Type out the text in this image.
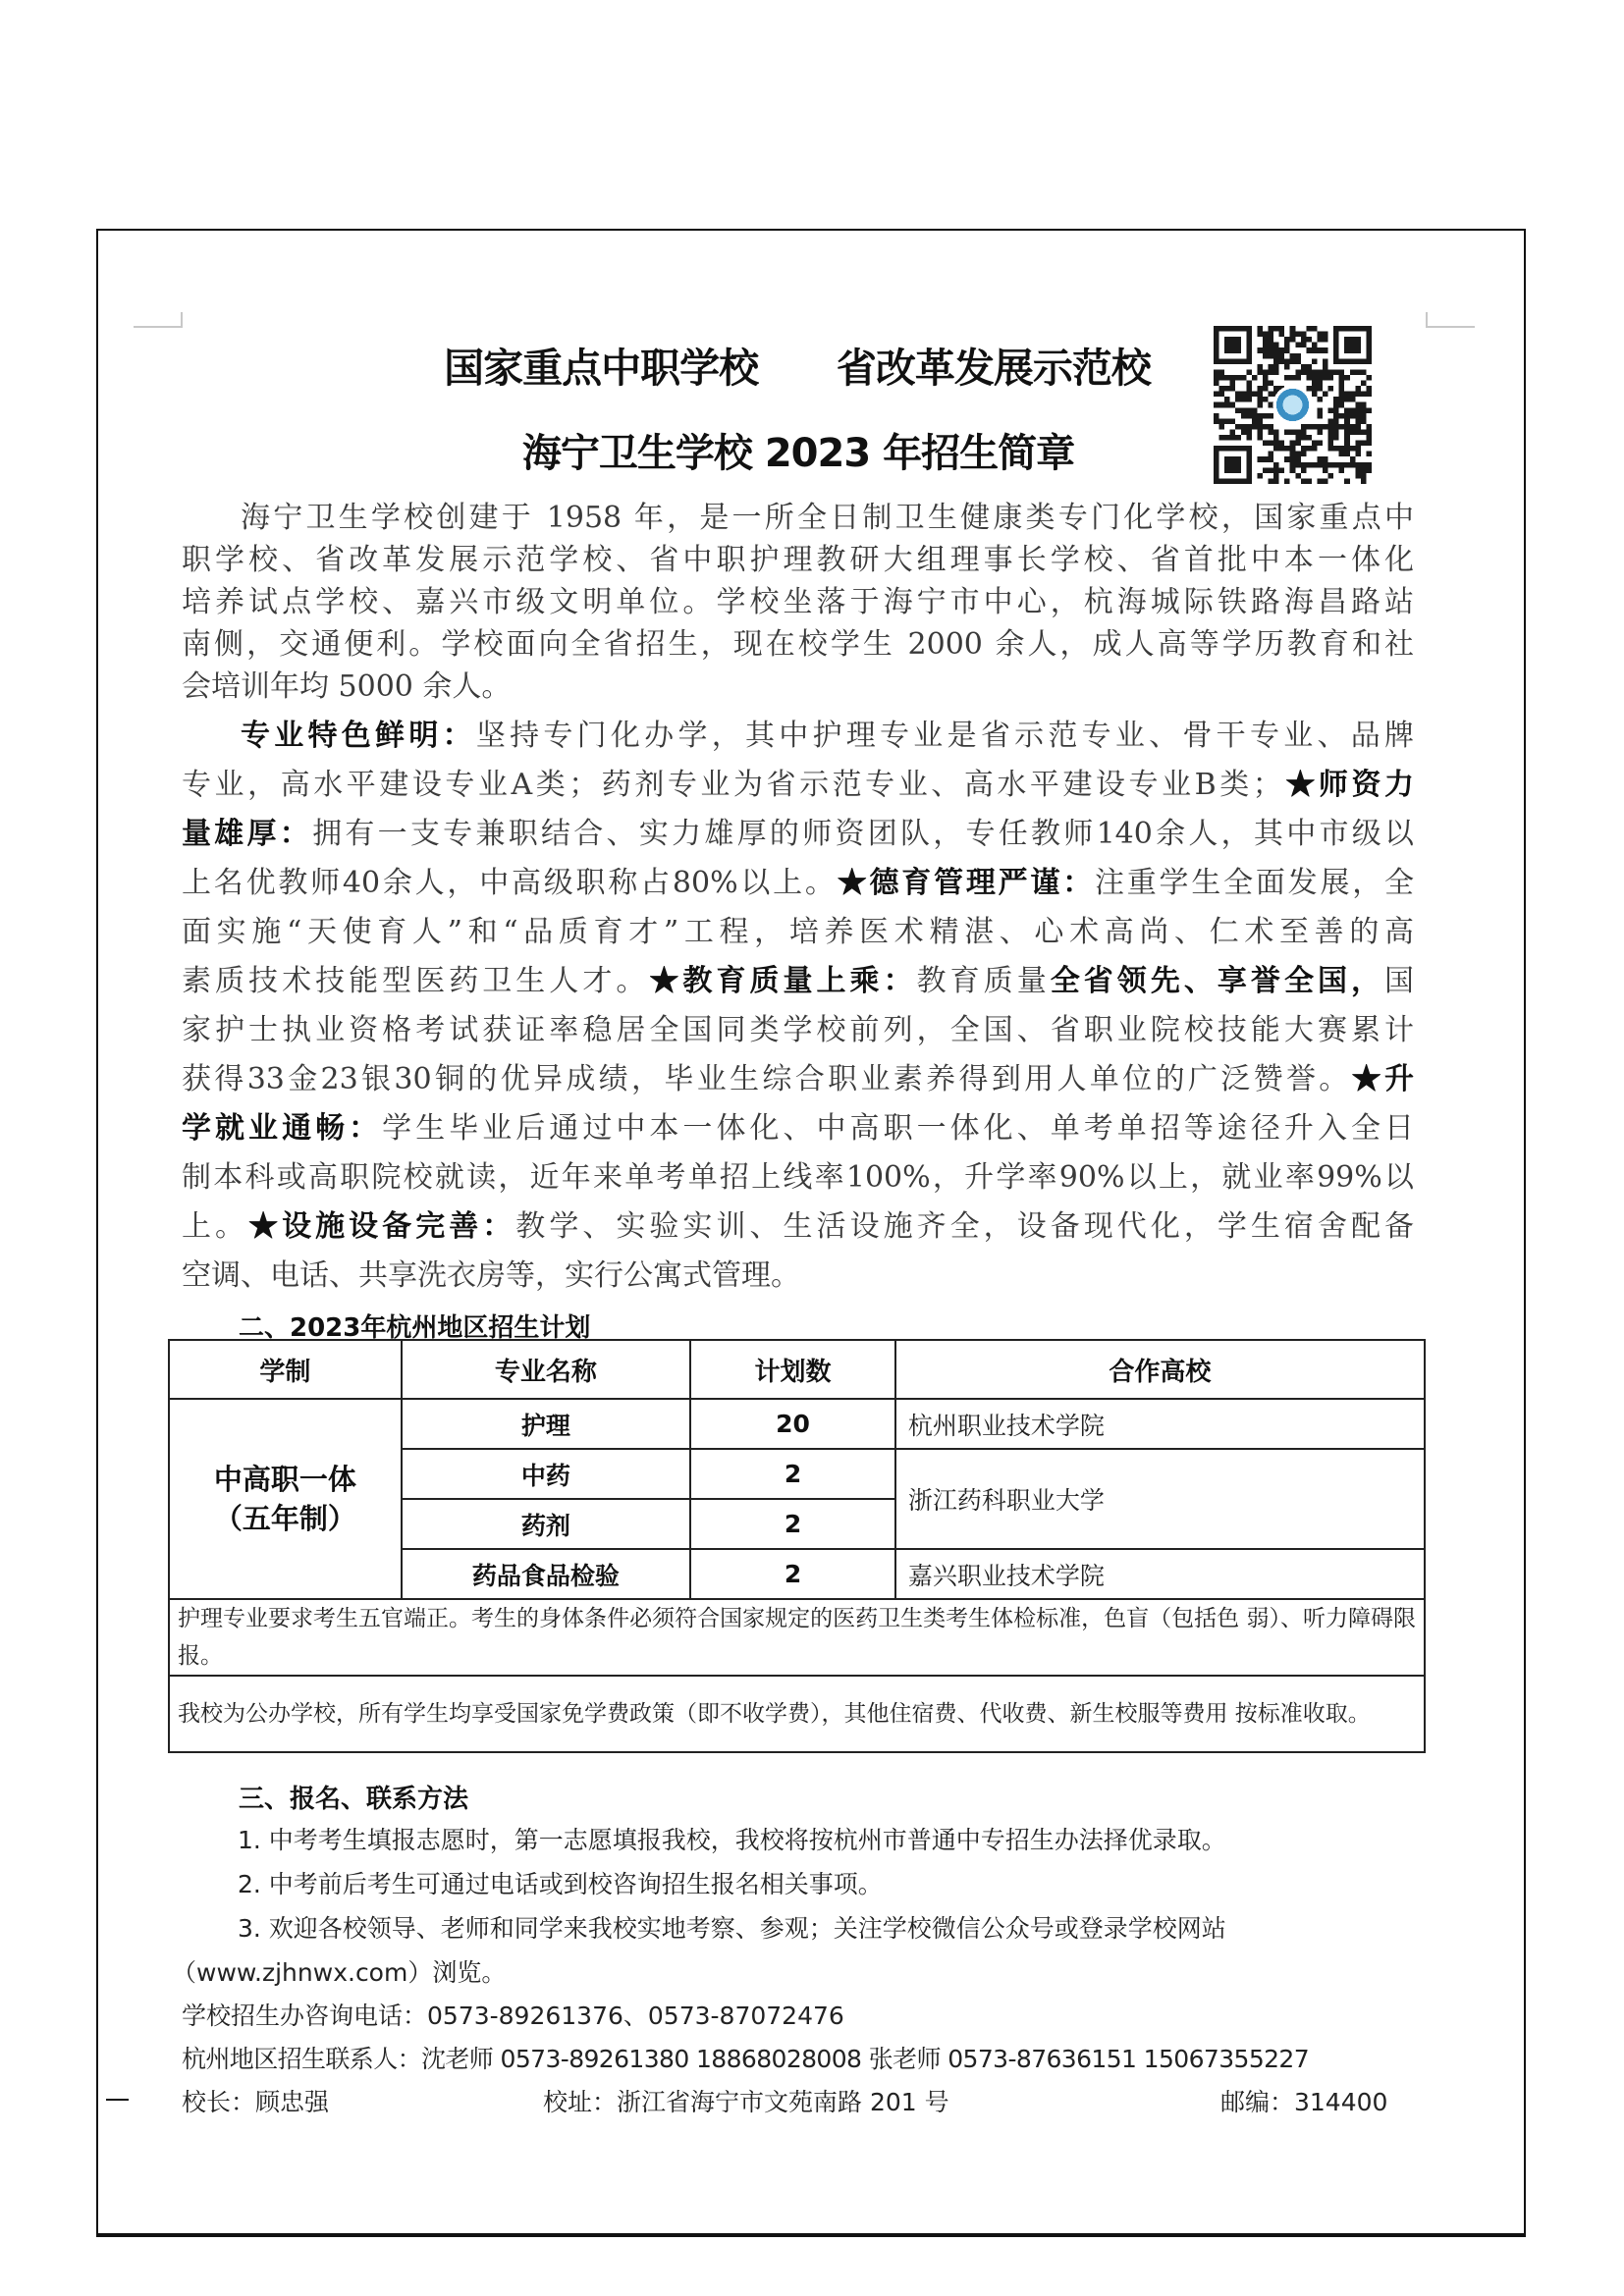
国家重点中职学校 省改革发展示范校
海宁卫生学校 2023 年招生简章
海宁卫生学校创建于 1958 年，是一所全日制卫生健康类专门化学校，国家重点中
职学校、省改革发展示范学校、省中职护理教研大组理事长学校、省首批中本一体化
培养试点学校、嘉兴市级文明单位。学校坐落于海宁市中心，杭海城际铁路海昌路站
南侧，交通便利。学校面向全省招生，现在校学生 2000 余人，成人高等学历教育和社
会培训年均 5000 余人。
专业特色鲜明：坚持专门化办学，其中护理专业是省示范专业、骨干专业、品牌
专业，高水平建设专业A类；药剂专业为省示范专业、高水平建设专业B类；★师资力
量雄厚：拥有一支专兼职结合、实力雄厚的师资团队，专任教师140余人，其中市级以
上名优教师40余人，中高级职称占80%以上。★德育管理严谨：注重学生全面发展，全
面实施“天使育人”和“品质育才”工程，培养医术精湛、心术高尚、仁术至善的高
素质技术技能型医药卫生人才。★教育质量上乘：教育质量全省领先、享誉全国，国
家护士执业资格考试获证率稳居全国同类学校前列，全国、省职业院校技能大赛累计
获得33金23银30铜的优异成绩，毕业生综合职业素养得到用人单位的广泛赞誉。★升
学就业通畅：学生毕业后通过中本一体化、中高职一体化、单考单招等途径升入全日
制本科或高职院校就读，近年来单考单招上线率100%，升学率90%以上，就业率99%以
上。★设施设备完善：教学、实验实训、生活设施齐全，设备现代化，学生宿舍配备
空调、电话、共享洗衣房等，实行公寓式管理。
二、2023年杭州地区招生计划
学制	专业名称	计划数	合作高校

中高职一体
（五年制）	护理	20	杭州职业技术学院
	中药	2	浙江药科职业大学
	药剂	2	
	药品食品检验	2	嘉兴职业技术学院
护理专业要求考生五官端正。考生的身体条件必须符合国家规定的医药卫生类考生体检标准，色盲（包括色 弱）、听力障碍限报。			
我校为公办学校，所有学生均享受国家免学费政策（即不收学费），其他住宿费、代收费、新生校服等费用 按标准收取。			
三、报名、联系方法
1. 中考考生填报志愿时，第一志愿填报我校，我校将按杭州市普通中专招生办法择优录取。
2. 中考前后考生可通过电话或到校咨询招生报名相关事项。
3. 欢迎各校领导、老师和同学来我校实地考察、参观；关注学校微信公众号或登录学校网站
（www.zjhnwx.com）浏览。
学校招生办咨询电话：0573-89261376、0573-87072476
杭州地区招生联系人：沈老师 0573-89261380 18868028008 张老师 0573-87636151 15067355227
校长：顾忠强	校址：浙江省海宁市文苑南路 201 号	邮编：314400
